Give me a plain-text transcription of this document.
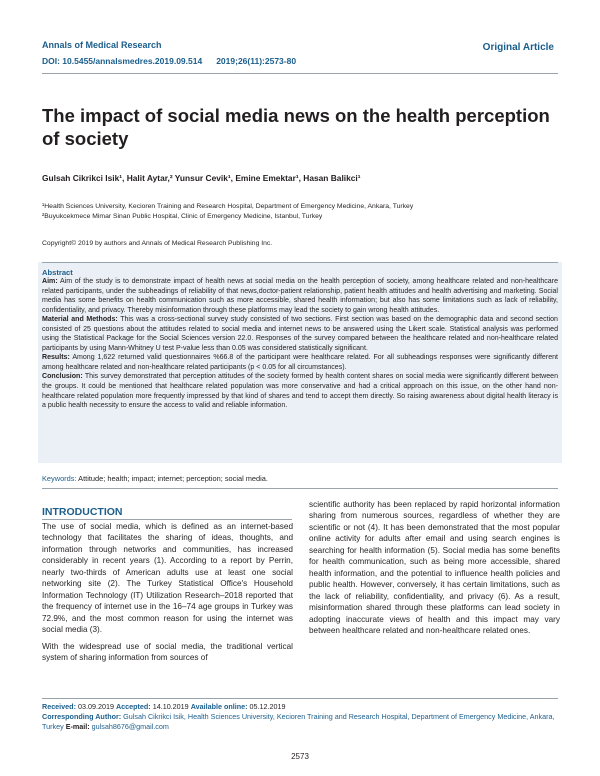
Annals of Medical Research
DOI: 10.5455/annalsmedres.2019.09.514 2019;26(11):2573-80
Original Article
The impact of social media news on the health perception of society
Gulsah Cikrikci Isik¹, Halit Aytar,² Yunsur Cevik¹, Emine Emektar¹, Hasan Balikci¹
¹Health Sciences University, Kecioren Training and Research Hospital, Department of Emergency Medicine, Ankara, Turkey
²Buyukcekmece Mimar Sinan Public Hospital, Clinic of Emergency Medicine, Istanbul, Turkey
Copyright© 2019 by authors and Annals of Medical Research Publishing Inc.
Abstract

Aim: Aim of the study is to demonstrate impact of health news at social media on the health perception of society, among healthcare related and non-healthcare related participants, under the subheadings of reliability of that news,doctor-patient relationship, patient health attitudes and health advertising and marketing. Social media has some benefits on health communication such as more accessible, shared health information; but also has some limitations such as lack of reliability, confidentiality, and privacy. Thereby misinformation through these platforms may lead the society to gain wrong health attitudes.

Material and Methods: This was a cross-sectional survey study consisted of two sections. First section was based on the demographic data and second section consisted of 25 questions about the attitudes related to social media and internet news to be answered using the Likert scale. Statistical analysis was performed using the Statistical Package for the Social Sciences version 22.0. Responses of the survey compared between the healthcare related and non-healthcare related participants by using Mann-Whitney U test P-value less than 0.05 was considered statistically significant.

Results: Among 1,622 returned valid questionnaires %66.8 of the participant were healthcare related. For all subheadings responses were significantly different among healthcare related and non-healthcare related participants (p < 0.05 for all circumstances).

Conclusion: This survey demonstrated that perception attitudes of the society formed by health content shares on social media were significantly different between the groups. It could be mentioned that healthcare related population was more conservative and had a critical approach on this issue, on the other hand non-healthcare related population more frequently impressed by that kind of shares and tend to accept them directly. So raising awareness about digital health literacy is a public health necessity to ensure the access to valid and reliable information.

Keywords: Attitude; health; impact; internet; perception; social media.
INTRODUCTION

The use of social media, which is defined as an internet-based technology that facilitates the sharing of ideas, thoughts, and information through networks and communities, has increased considerably in recent years (1). According to a report by Perrin, nearly two-thirds of American adults use at least one social networking site (2). The Turkey Statistical Office's Household Information Technology (IT) Utilization Research–2018 reported that the frequency of internet use in the 16–74 age groups in Turkey was 72.9%, and the most common reason for using the internet was social media (3).

With the widespread use of social media, the traditional vertical system of sharing information from sources of

scientific authority has been replaced by rapid horizontal information sharing from numerous sources, regardless of whether they are scientific or not (4). It has been demonstrated that the most popular online activity for adults after email and using search engines is searching for health information (5). Social media has some benefits for health communication, such as being more accessible, shared health information, and the potential to influence health policies and public health. However, conversely, it has certain limitations, such as the lack of reliability, confidentiality, and privacy (6). As a result, misinformation shared through these platforms can lead society in adopting inaccurate views of health and this impact may vary between healthcare related and non-healthcare related ones.

Received: 03.09.2019 Accepted: 14.10.2019 Available online: 05.12.2019
Corresponding Author: Gulsah Cikrikci Isik, Health Sciences University, Kecioren Training and Research Hospital, Department of Emergency Medicine, Ankara, Turkey E-mail: gulsah8676@gmail.com
2573
